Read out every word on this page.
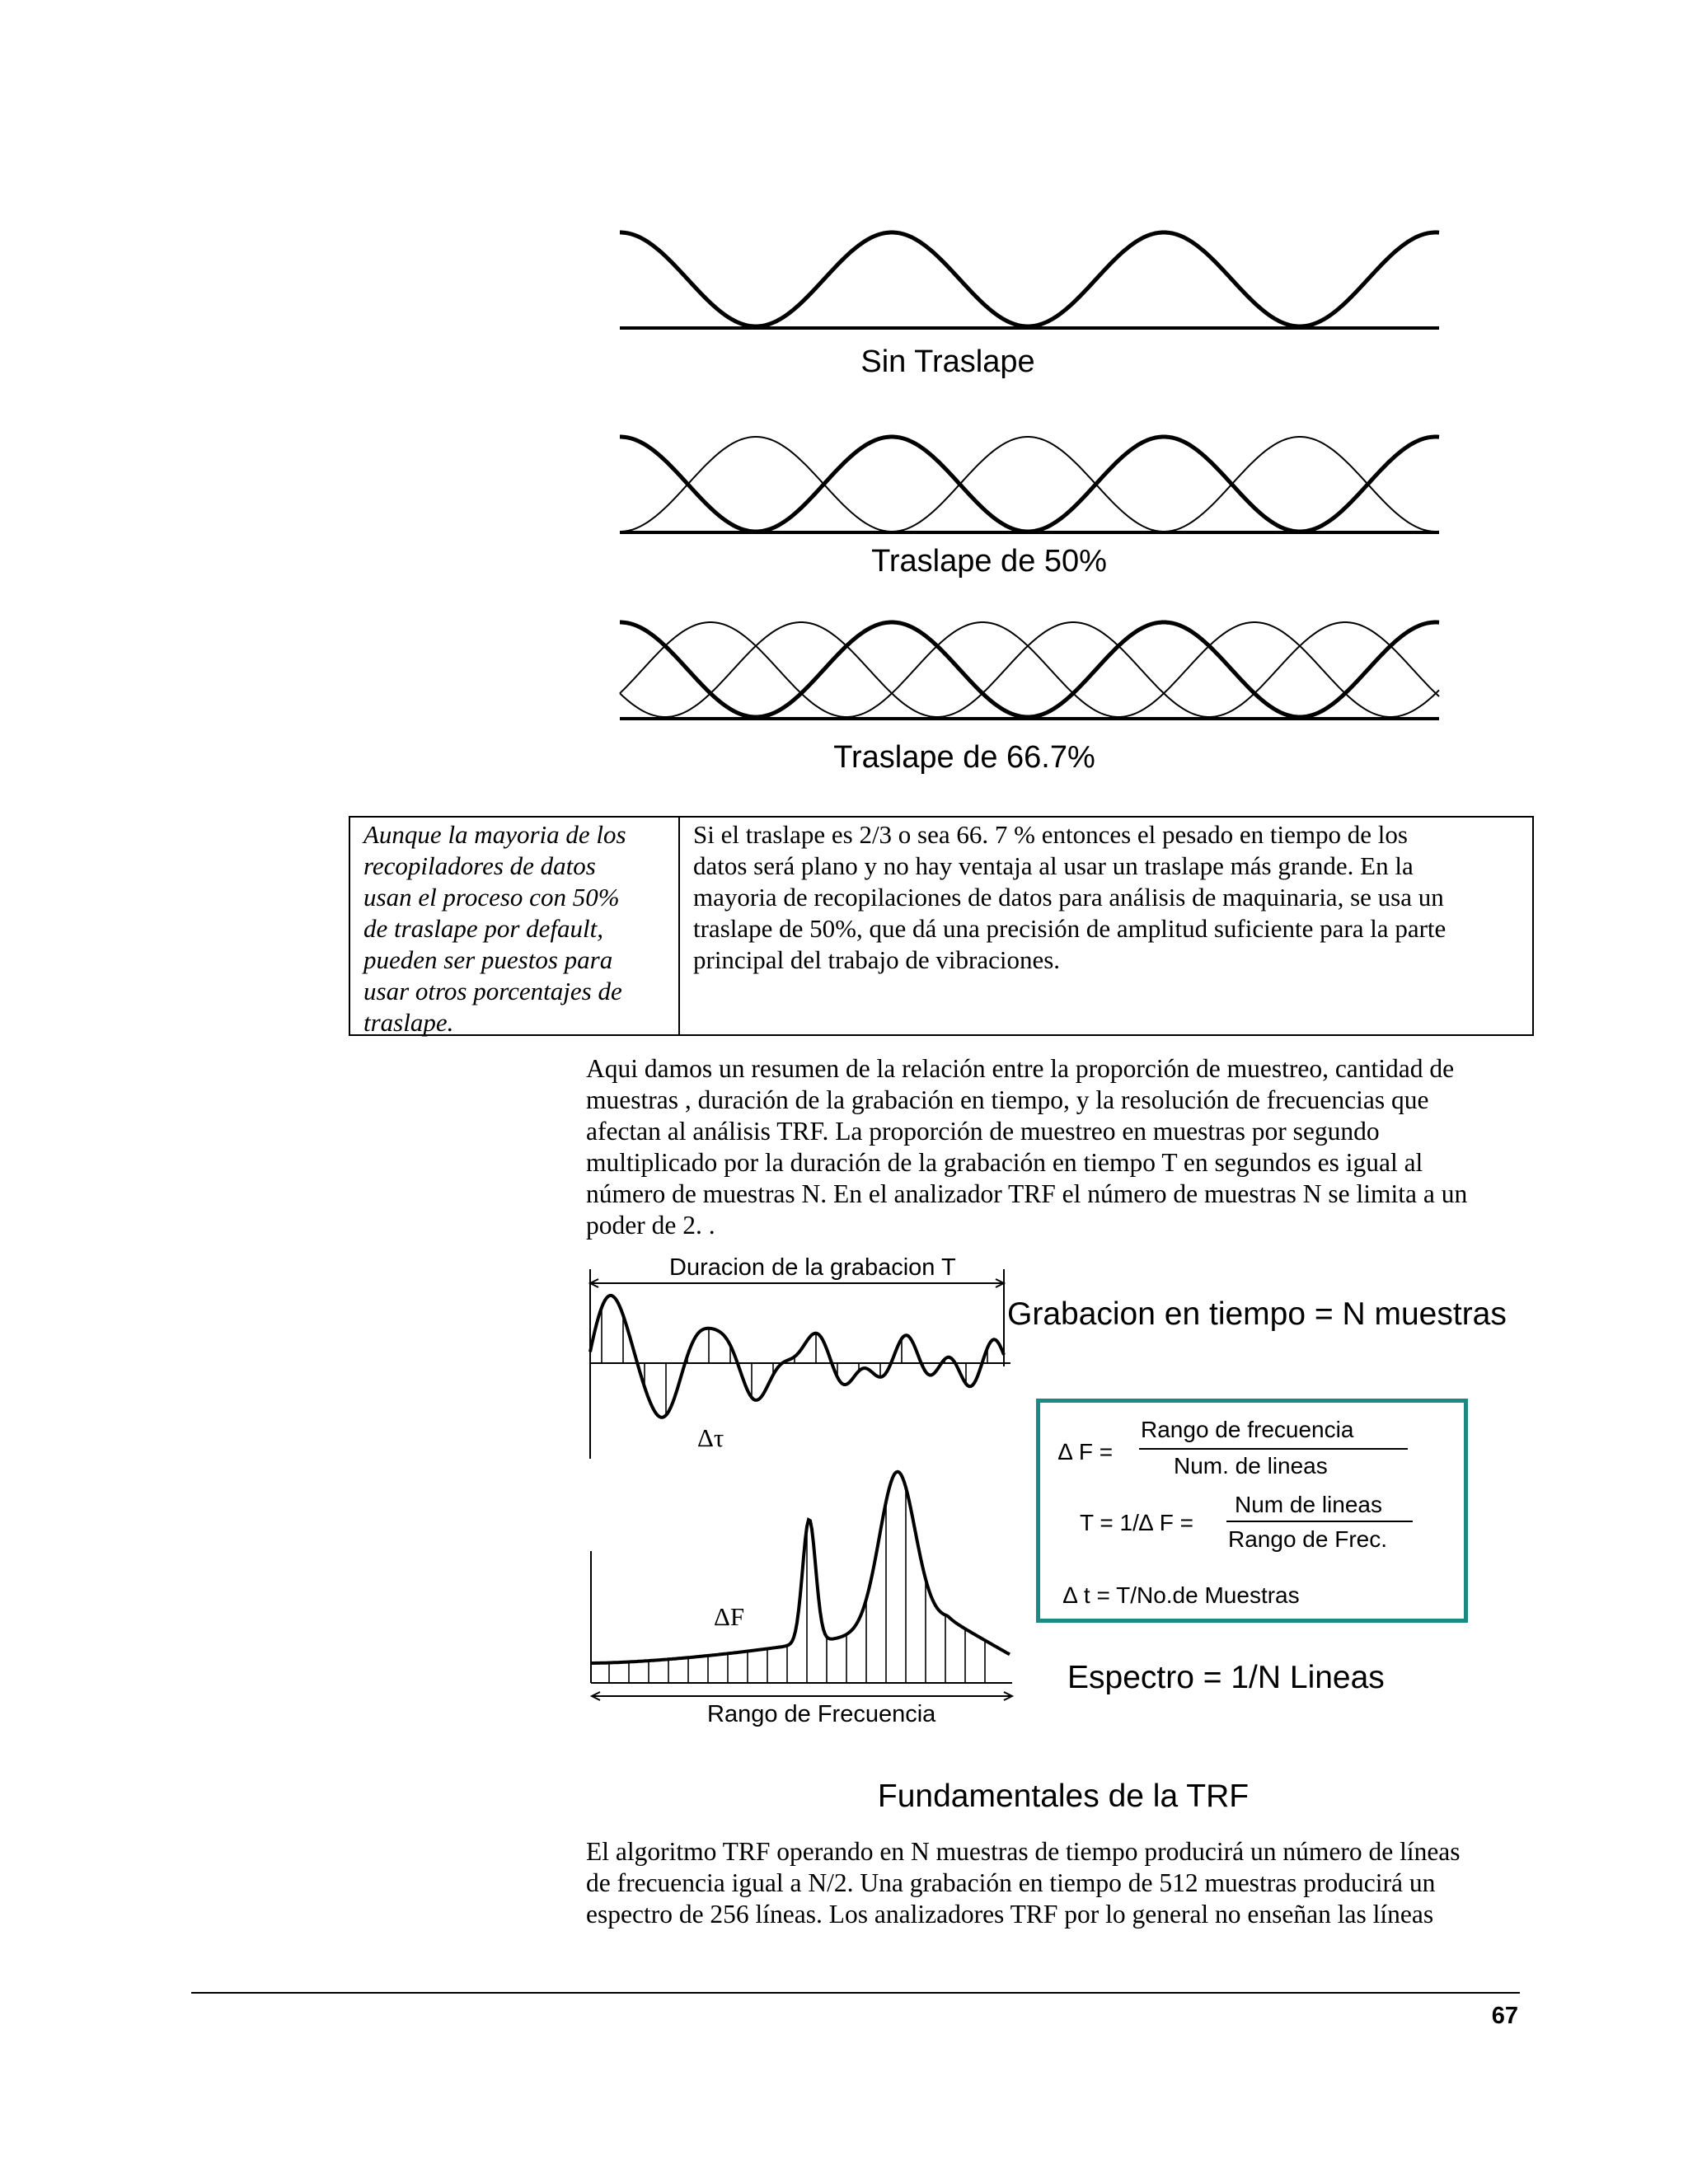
Sin Traslape
Traslape de 50%
Traslape de 66.7%
Aunque la mayoria de los
recopiladores de datos
usan el proceso con 50%
de traslape por default,
pueden ser puestos para
usar otros porcentajes de
traslape.
Si el traslape es 2/3 o sea 66. 7 % entonces el pesado en tiempo de los
datos será plano y no hay ventaja al usar un traslape más grande. En la
mayoria de recopilaciones de datos para análisis de maquinaria, se usa un
traslape de 50%, que dá una precisión de amplitud suficiente para la parte
principal del trabajo de vibraciones.
Aqui damos un resumen de la relación entre la proporción de muestreo, cantidad de
muestras , duración de la grabación en tiempo, y la resolución de frecuencias que
afectan al análisis TRF. La proporción de muestreo en muestras por segundo
multiplicado por la duración de la grabación en tiempo T en segundos es igual al
número de muestras N. En el analizador TRF el número de muestras N se limita a un
poder de 2. .
Duracion de la grabacion T
Grabacion en tiempo = N muestras
Δτ
ΔF
Rango de Frecuencia
Espectro = 1/N Lineas
∆ F =
Rango de frecuencia
Num. de lineas
T = 1/∆ F =
Num de lineas
Rango de Frec.
∆ t = T/No.de Muestras
Fundamentales de la TRF
El algoritmo TRF operando en N muestras de tiempo producirá un número de líneas
de frecuencia igual a N/2. Una grabación en tiempo de 512 muestras producirá un
espectro de 256 líneas. Los analizadores TRF por lo general no enseñan las líneas
67
